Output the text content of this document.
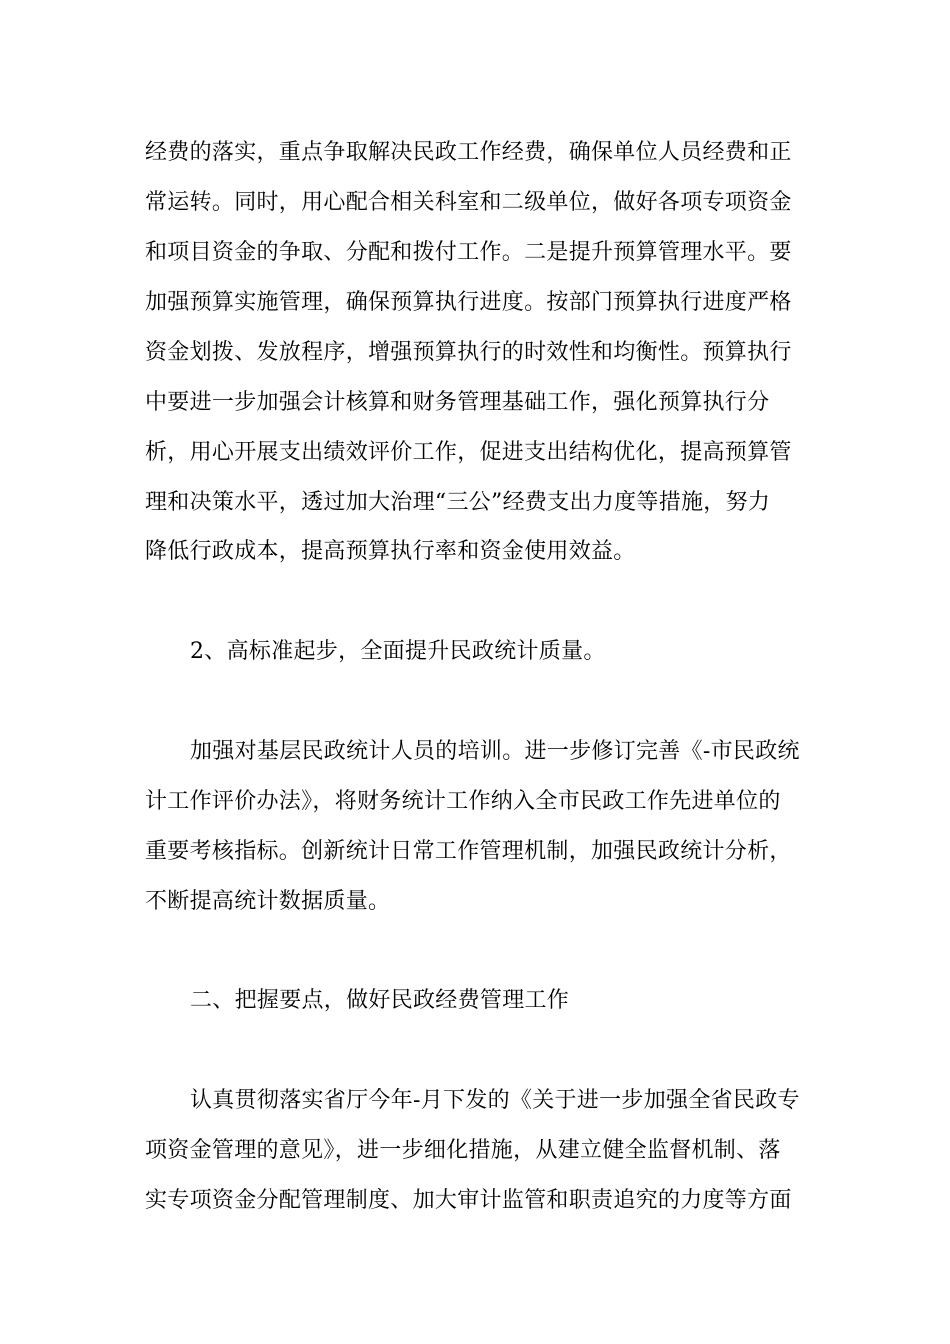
经费的落实，重点争取解决民政工作经费，确保单位人员经费和正
常运转。同时，用心配合相关科室和二级单位，做好各项专项资金
和项目资金的争取、分配和拨付工作。二是提升预算管理水平。要
加强预算实施管理，确保预算执行进度。按部门预算执行进度严格
资金划拨、发放程序，增强预算执行的时效性和均衡性。预算执行
中要进一步加强会计核算和财务管理基础工作，强化预算执行分
析，用心开展支出绩效评价工作，促进支出结构优化，提高预算管
理和决策水平，透过加大治理“三公”经费支出力度等措施，努力
降低行政成本，提高预算执行率和资金使用效益。
2、高标准起步，全面提升民政统计质量。
加强对基层民政统计人员的培训。进一步修订完善《-市民政统
计工作评价办法》，将财务统计工作纳入全市民政工作先进单位的
重要考核指标。创新统计日常工作管理机制，加强民政统计分析，
不断提高统计数据质量。
二、把握要点，做好民政经费管理工作
认真贯彻落实省厅今年-月下发的《关于进一步加强全省民政专
项资金管理的意见》，进一步细化措施，从建立健全监督机制、落
实专项资金分配管理制度、加大审计监管和职责追究的力度等方面
